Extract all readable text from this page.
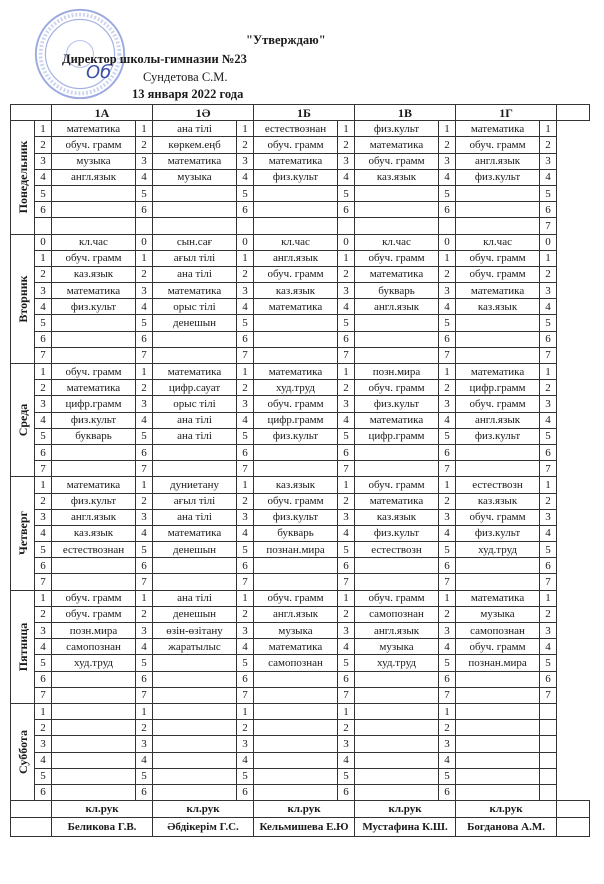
"Утверждаю"
Директор школы-гимназии №23
Об	Сундетова С.М.
13 января 2022 года
		1А		1Ә		1Б		1В		1Г		

Понедельник	1	математика	1	ана тілі	1	естествознан	1	физ.культ	1	математика	1	
	2	обуч. грамм	2	көркем.еңб	2	обуч. грамм	2	математика	2	обуч. грамм	2	
	3	музыка	3	математика	3	математика	3	обуч. грамм	3	англ.язык	3	
	4	англ.язык	4	музыка	4	физ.культ	4	каз.язык	4	физ.культ	4	
	5		5		5		5		5		5	
	6		6		6		6		6		6	
											7	

Вторник	0	кл.час	0	сын.сағ	0	кл.час	0	кл.час	0	кл.час	0	
	1	обуч. грамм	1	ағыл тілі	1	англ.язык	1	обуч. грамм	1	обуч. грамм	1	
	2	каз.язык	2	ана тілі	2	обуч. грамм	2	математика	2	обуч. грамм	2	
	3	математика	3	математика	3	каз.язык	3	букварь	3	математика	3	
	4	физ.культ	4	орыс тілі	4	математика	4	англ.язык	4	каз.язык	4	
	5		5	денешын	5		5		5		5	
	6		6		6		6		6		6	
	7		7		7		7		7		7	

Среда	1	обуч. грамм	1	математика	1	математика	1	позн.мира	1	математика	1	
	2	математика	2	цифр.сауат	2	худ.труд	2	обуч. грамм	2	цифр.грамм	2	
	3	цифр.грамм	3	орыс тілі	3	обуч. грамм	3	физ.культ	3	обуч. грамм	3	
	4	физ.культ	4	ана тілі	4	цифр.грамм	4	математика	4	англ.язык	4	
	5	букварь	5	ана тілі	5	физ.культ	5	цифр.грамм	5	физ.культ	5	
	6		6		6		6		6		6	
	7		7		7		7		7		7	

Четверг	1	математика	1	дуниетану	1	каз.язык	1	обуч. грамм	1	естествозн	1	
	2	физ.культ	2	ағыл тілі	2	обуч. грамм	2	математика	2	каз.язык	2	
	3	англ.язык	3	ана тілі	3	физ.культ	3	каз.язык	3	обуч. грамм	3	
	4	каз.язык	4	математика	4	букварь	4	физ.культ	4	физ.культ	4	
	5	естествознан	5	денешын	5	познан.мира	5	естествозн	5	худ.труд	5	
	6		6		6		6		6		6	
	7		7		7		7		7		7	

Пятница	1	обуч. грамм	1	ана тілі	1	обуч. грамм	1	обуч. грамм	1	математика	1	
	2	обуч. грамм	2	денешын	2	англ.язык	2	самопознан	2	музыка	2	
	3	позн.мира	3	өзін-өзітану	3	музыка	3	англ.язык	3	самопознан	3	
	4	самопознан	4	жаратылыс	4	математика	4	музыка	4	обуч. грамм	4	
	5	худ.труд	5		5	самопознан	5	худ.труд	5	познан.мира	5	
	6		6		6		6		6		6	
	7		7		7		7		7		7	

Суббота	1		1		1		1		1			
	2		2		2		2		2			
	3		3		3		3		3			
	4		4		4		4		4			
	5		5		5		5		5			
	6		6		6		6		6			
		кл.рук		кл.рук		кл.рук		кл.рук		кл.рук		
		Беликова Г.В.		Әбдікерім Г.С.		Кельмишева Е.Ю		Мустафина К.Ш.		Богданова А.М.		
